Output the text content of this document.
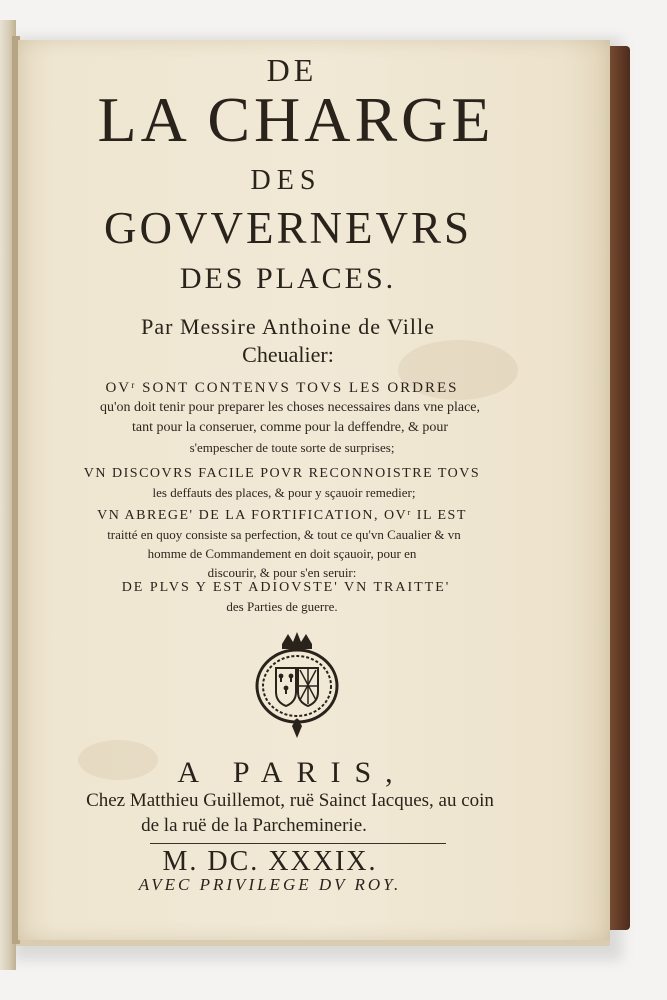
DE
LA CHARGE
DES
GOVVERNEVRS
DES PLACES.
Par Messire Anthoine de Ville
Cheualier:
OVʳ SONT CONTENVS TOVS LES ORDRES
qu'on doit tenir pour preparer les choses necessaires dans vne place,
tant pour la conseruer, comme pour la deffendre, & pour
s'empescher de toute sorte de surprises;
VN DISCOVRS FACILE POVR RECONNOISTRE TOVS
les deffauts des places, & pour y sçauoir remedier;
VN ABREGE' DE LA FORTIFICATION, OVʳ IL EST
traitté en quoy consiste sa perfection, & tout ce qu'vn Caualier & vn
homme de Commandement en doit sçauoir, pour en
discourir, & pour s'en seruir:
DE PLVS Y EST ADIOVSTE' VN TRAITTE'
des Parties de guerre.
A PARIS,
Chez Matthieu Guillemot, ruë Sainct Iacques, au coin
de la ruë de la Parcheminerie.
M. DC. XXXIX.
AVEC PRIVILEGE DV ROY.
